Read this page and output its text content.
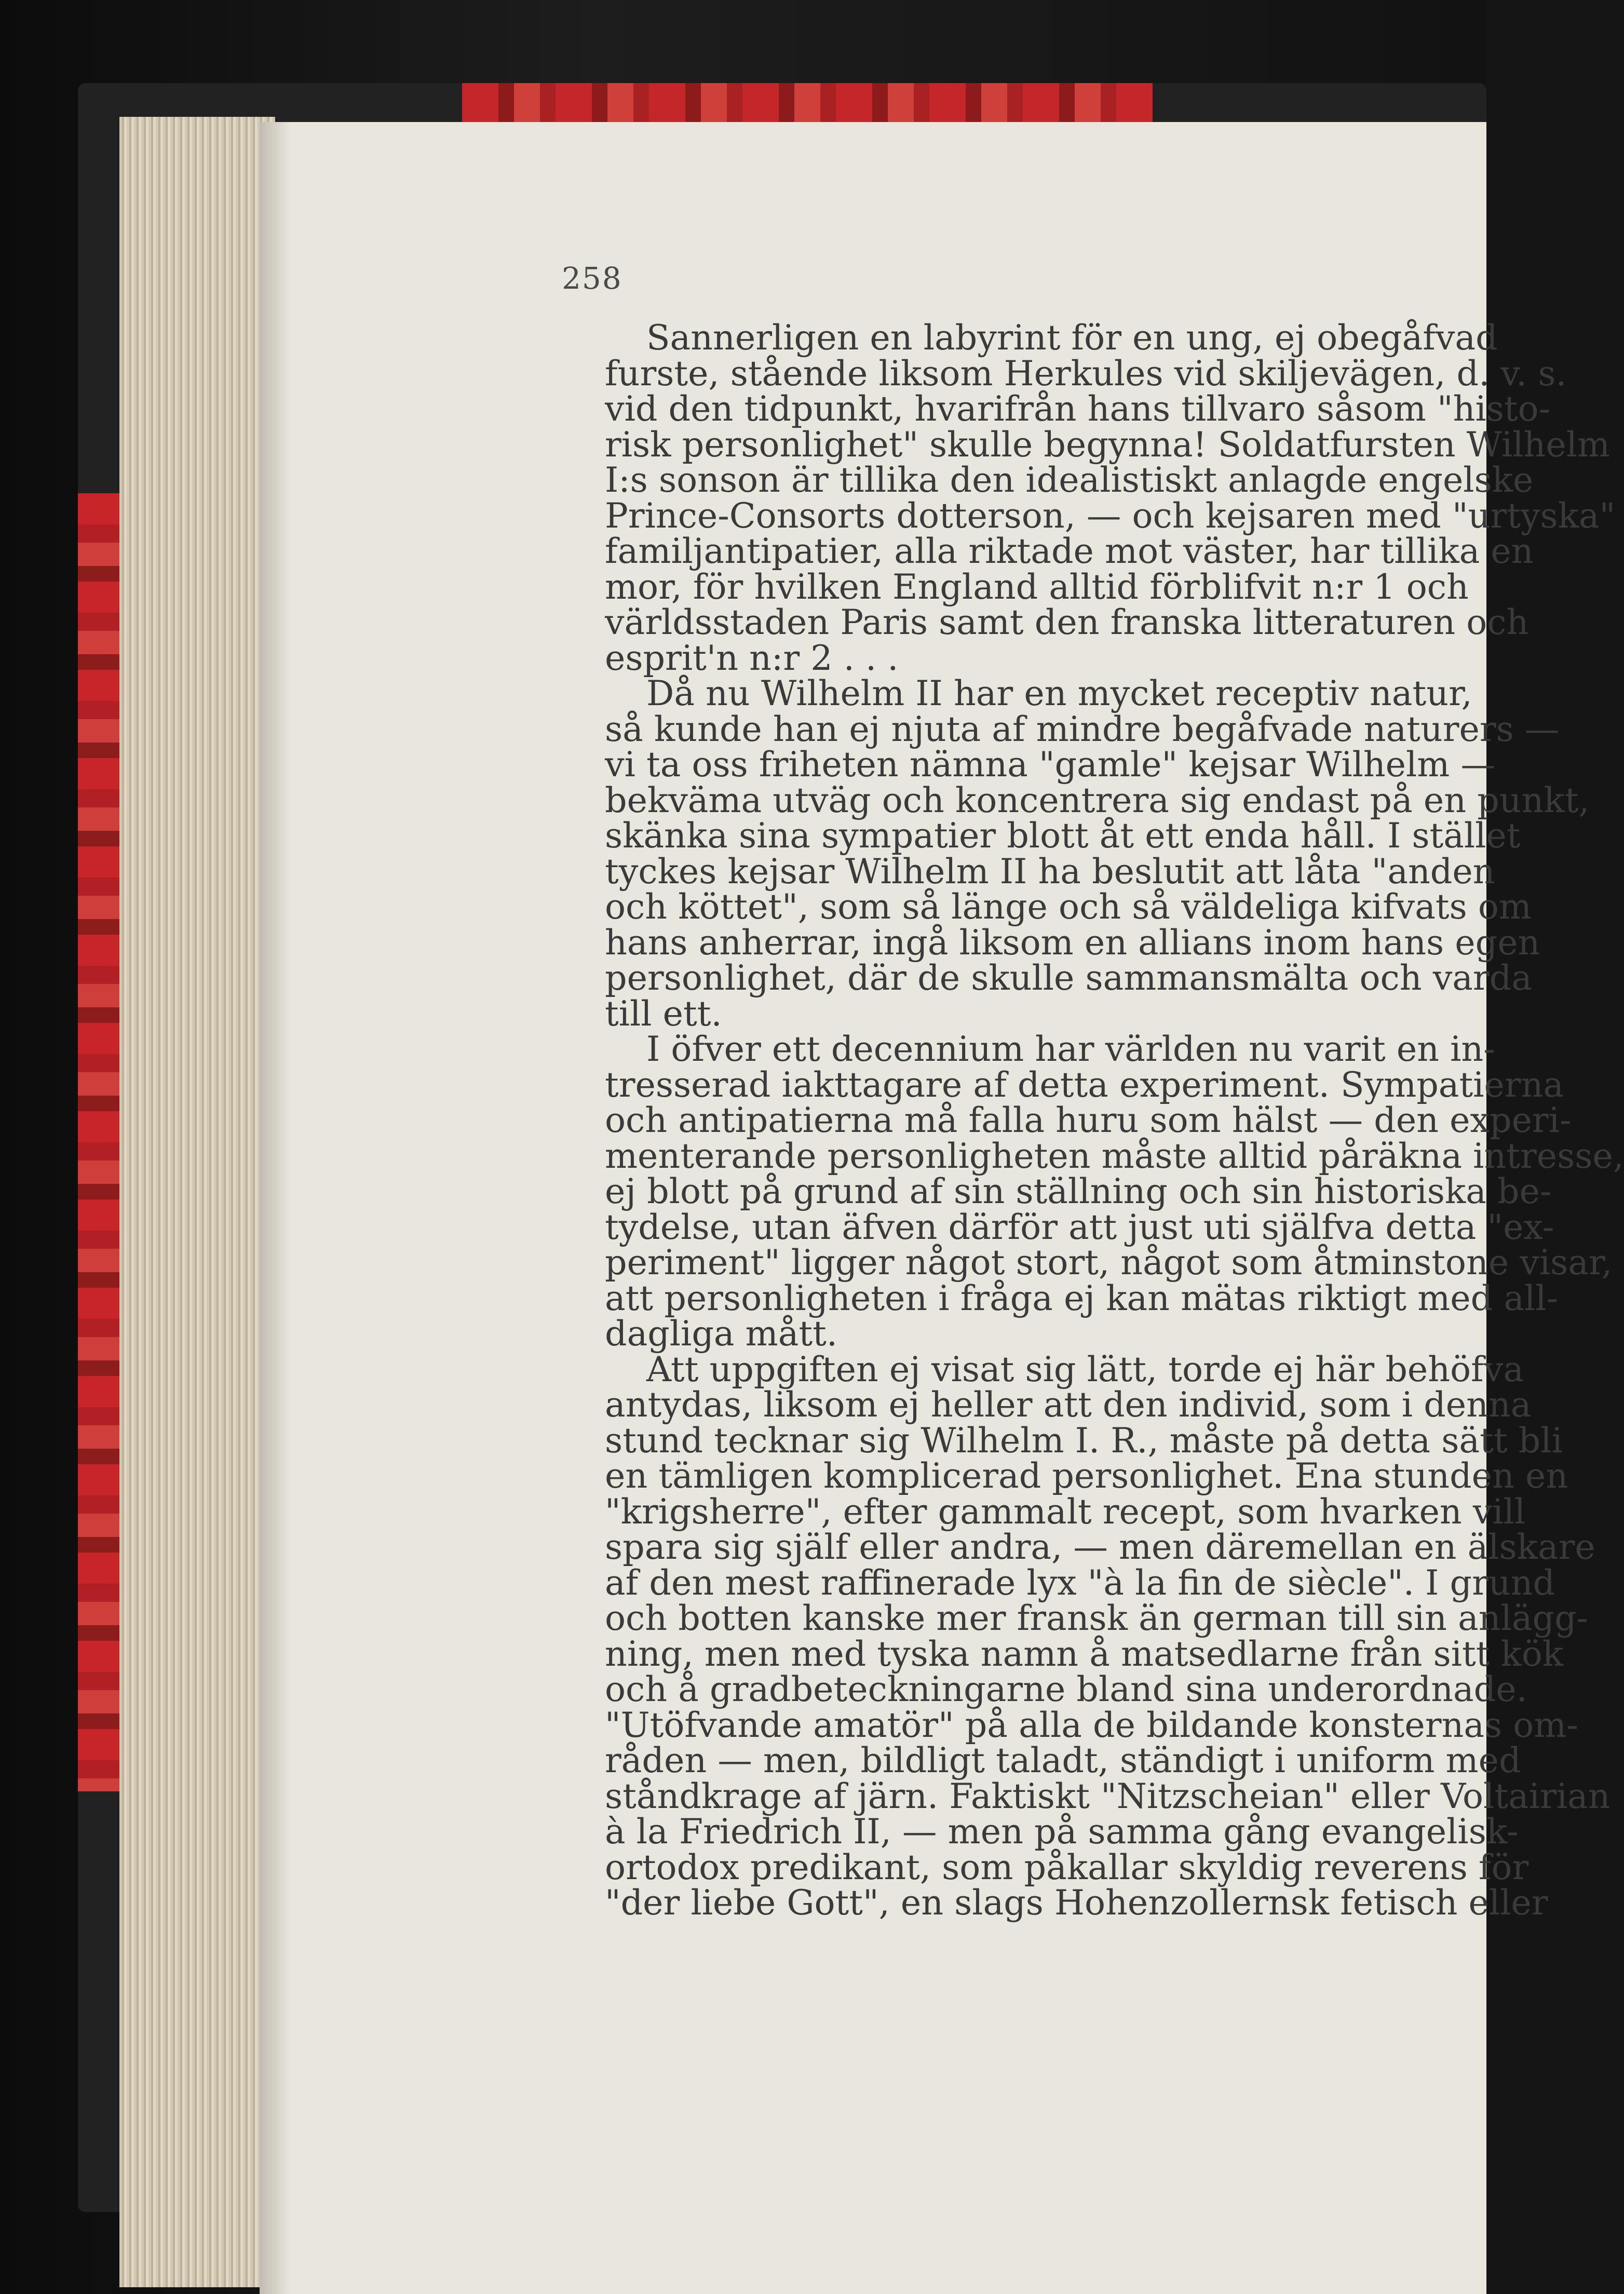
258
Sannerligen en labyrint för en ung, ej obegåfvad
furste, stående liksom Herkules vid skiljevägen, d. v. s.
vid den tidpunkt, hvarifrån hans tillvaro såsom "histo-
risk personlighet" skulle begynna! Soldatfursten Wilhelm
I:s sonson är tillika den idealistiskt anlagde engelske
Prince-Consorts dotterson, — och kejsaren med "urtyska"
familjantipatier, alla riktade mot väster, har tillika en
mor, för hvilken England alltid förblifvit n:r 1 och
världsstaden Paris samt den franska litteraturen och
esprit'n n:r 2 . . .
Då nu Wilhelm II har en mycket receptiv natur,
så kunde han ej njuta af mindre begåfvade naturers —
vi ta oss friheten nämna "gamle" kejsar Wilhelm —
bekväma utväg och koncentrera sig endast på en punkt,
skänka sina sympatier blott åt ett enda håll. I stället
tyckes kejsar Wilhelm II ha beslutit att låta "anden
och köttet", som så länge och så väldeliga kifvats om
hans anherrar, ingå liksom en allians inom hans egen
personlighet, där de skulle sammansmälta och varda
till ett.
I öfver ett decennium har världen nu varit en in-
tresserad iakttagare af detta experiment. Sympatierna
och antipatierna må falla huru som hälst — den experi-
menterande personligheten måste alltid påräkna intresse,
ej blott på grund af sin ställning och sin historiska be-
tydelse, utan äfven därför att just uti själfva detta "ex-
periment" ligger något stort, något som åtminstone visar,
att personligheten i fråga ej kan mätas riktigt med all-
dagliga mått.
Att uppgiften ej visat sig lätt, torde ej här behöfva
antydas, liksom ej heller att den individ, som i denna
stund tecknar sig Wilhelm I. R., måste på detta sätt bli
en tämligen komplicerad personlighet. Ena stunden en
"krigsherre", efter gammalt recept, som hvarken vill
spara sig själf eller andra, — men däremellan en älskare
af den mest raffinerade lyx "à la fin de siècle". I grund
och botten kanske mer fransk än german till sin anlägg-
ning, men med tyska namn å matsedlarne från sitt kök
och å gradbeteckningarne bland sina underordnade.
"Utöfvande amatör" på alla de bildande konsternas om-
råden — men, bildligt taladt, ständigt i uniform med
ståndkrage af järn. Faktiskt "Nitzscheian" eller Voltairian
à la Friedrich II, — men på samma gång evangelisk-
ortodox predikant, som påkallar skyldig reverens för
"der liebe Gott", en slags Hohenzollernsk fetisch eller
